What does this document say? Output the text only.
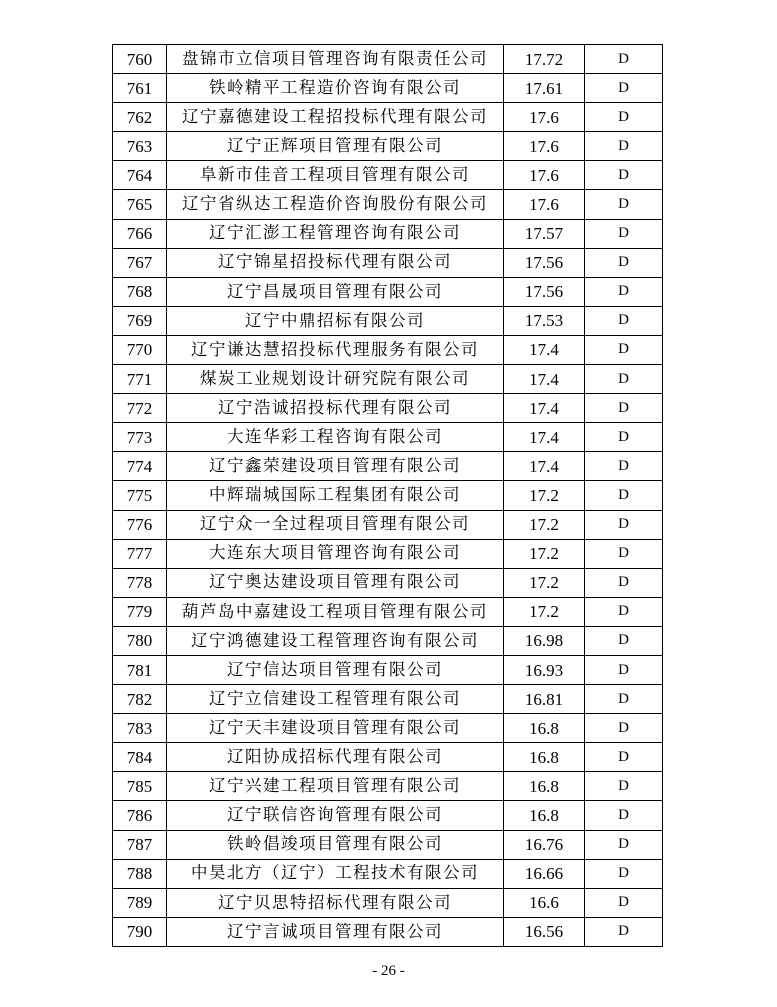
760	盘锦市立信项目管理咨询有限责任公司	17.72	D
761	铁岭精平工程造价咨询有限公司	17.61	D
762	辽宁嘉德建设工程招投标代理有限公司	17.6	D
763	辽宁正辉项目管理有限公司	17.6	D
764	阜新市佳音工程项目管理有限公司	17.6	D
765	辽宁省纵达工程造价咨询股份有限公司	17.6	D
766	辽宁汇澎工程管理咨询有限公司	17.57	D
767	辽宁锦星招投标代理有限公司	17.56	D
768	辽宁昌晟项目管理有限公司	17.56	D
769	辽宁中鼎招标有限公司	17.53	D
770	辽宁谦达慧招投标代理服务有限公司	17.4	D
771	煤炭工业规划设计研究院有限公司	17.4	D
772	辽宁浩诚招投标代理有限公司	17.4	D
773	大连华彩工程咨询有限公司	17.4	D
774	辽宁鑫荣建设项目管理有限公司	17.4	D
775	中辉瑞城国际工程集团有限公司	17.2	D
776	辽宁众一全过程项目管理有限公司	17.2	D
777	大连东大项目管理咨询有限公司	17.2	D
778	辽宁奥达建设项目管理有限公司	17.2	D
779	葫芦岛中嘉建设工程项目管理有限公司	17.2	D
780	辽宁鸿德建设工程管理咨询有限公司	16.98	D
781	辽宁信达项目管理有限公司	16.93	D
782	辽宁立信建设工程管理有限公司	16.81	D
783	辽宁天丰建设项目管理有限公司	16.8	D
784	辽阳协成招标代理有限公司	16.8	D
785	辽宁兴建工程项目管理有限公司	16.8	D
786	辽宁联信咨询管理有限公司	16.8	D
787	铁岭倡竣项目管理有限公司	16.76	D
788	中昊北方（辽宁）工程技术有限公司	16.66	D
789	辽宁贝思特招标代理有限公司	16.6	D
790	辽宁言诚项目管理有限公司	16.56	D
- 26 -
